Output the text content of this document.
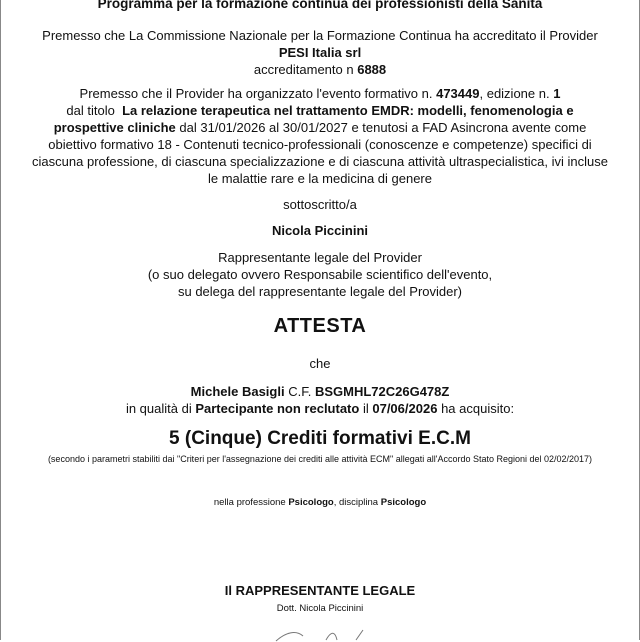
Programma per la formazione continua dei professionisti della Sanità
Premesso che La Commissione Nazionale per la Formazione Continua ha accreditato il Provider
PESI Italia srl
accreditamento n 6888
Premesso che il Provider ha organizzato l'evento formativo n. 473449, edizione n. 1
dal titolo La relazione terapeutica nel trattamento EMDR: modelli, fenomenologia e prospettive cliniche dal 31/01/2026 al 30/01/2027 e tenutosi a FAD Asincrona avente come obiettivo formativo 18 - Contenuti tecnico-professionali (conoscenze e competenze) specifici di ciascuna professione, di ciascuna specializzazione e di ciascuna attività ultraspecialistica, ivi incluse le malattie rare e la medicina di genere
sottoscritto/a
Nicola Piccinini
Rappresentante legale del Provider
(o suo delegato ovvero Responsabile scientifico dell'evento,
su delega del rappresentante legale del Provider)
ATTESTA
che
Michele Basigli C.F. BSGMHL72C26G478Z
in qualità di Partecipante non reclutato il 07/06/2026 ha acquisito:
5 (Cinque) Crediti formativi E.C.M
(secondo i parametri stabiliti dai "Criteri per l'assegnazione dei crediti alle attività ECM" allegati all'Accordo Stato Regioni del 02/02/2017)
nella professione Psicologo, disciplina Psicologo
Il RAPPRESENTANTE LEGALE
Dott. Nicola Piccinini
